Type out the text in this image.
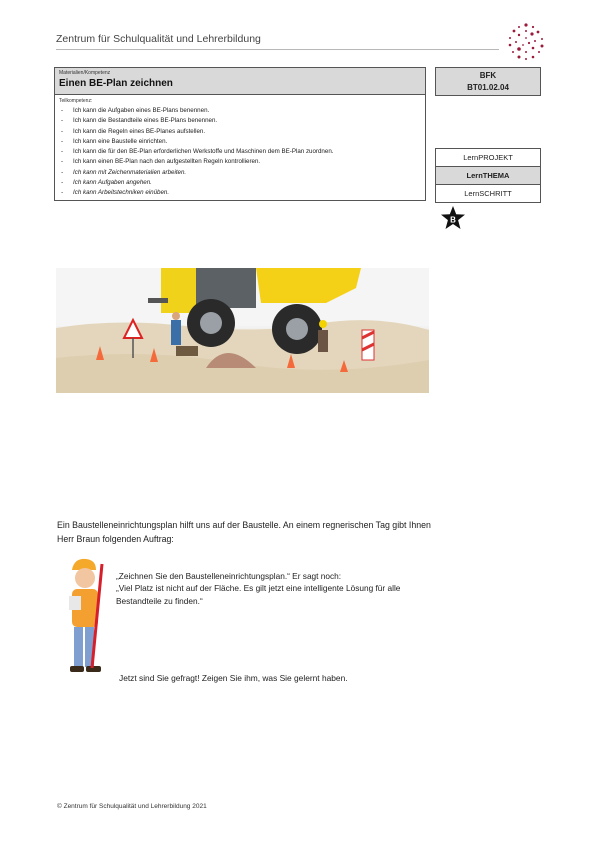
Zentrum für Schulqualität und Lehrerbildung
Materialien/Kompetenz
Einen BE-Plan zeichnen
Teilkompetenz:
- Ich kann die Aufgaben eines BE-Plans benennen.
- Ich kann die Bestandteile eines BE-Plans benennen.
- Ich kann die Regeln eines BE-Planes aufstellen.
- Ich kann eine Baustelle einrichten.
- Ich kann die für den BE-Plan erforderlichen Werkstoffe und Maschinen dem BE-Plan zuordnen.
- Ich kann einen BE-Plan nach den aufgestellten Regeln kontrollieren.
- Ich kann mit Zeichenmaterialien arbeiten.
- Ich kann Aufgaben angehen.
- Ich kann Arbeitstechniken einüben.
BFK
BT01.02.04
LernPROJEKT
LernTHEMA
LernSCHRITT
B
Ein Baustelleneinrichtungsplan hilft uns auf der Baustelle. An einem regnerischen Tag gibt Ihnen Herr Braun folgenden Auftrag:
„Zeichnen Sie den Baustelleneinrichtungsplan.“ Er sagt noch:
„Viel Platz ist nicht auf der Fläche. Es gilt jetzt eine intelligente Lösung für alle Bestandteile zu finden.“
Jetzt sind Sie gefragt! Zeigen Sie ihm, was Sie gelernt haben.
© Zentrum für Schulqualität und Lehrerbildung 2021
